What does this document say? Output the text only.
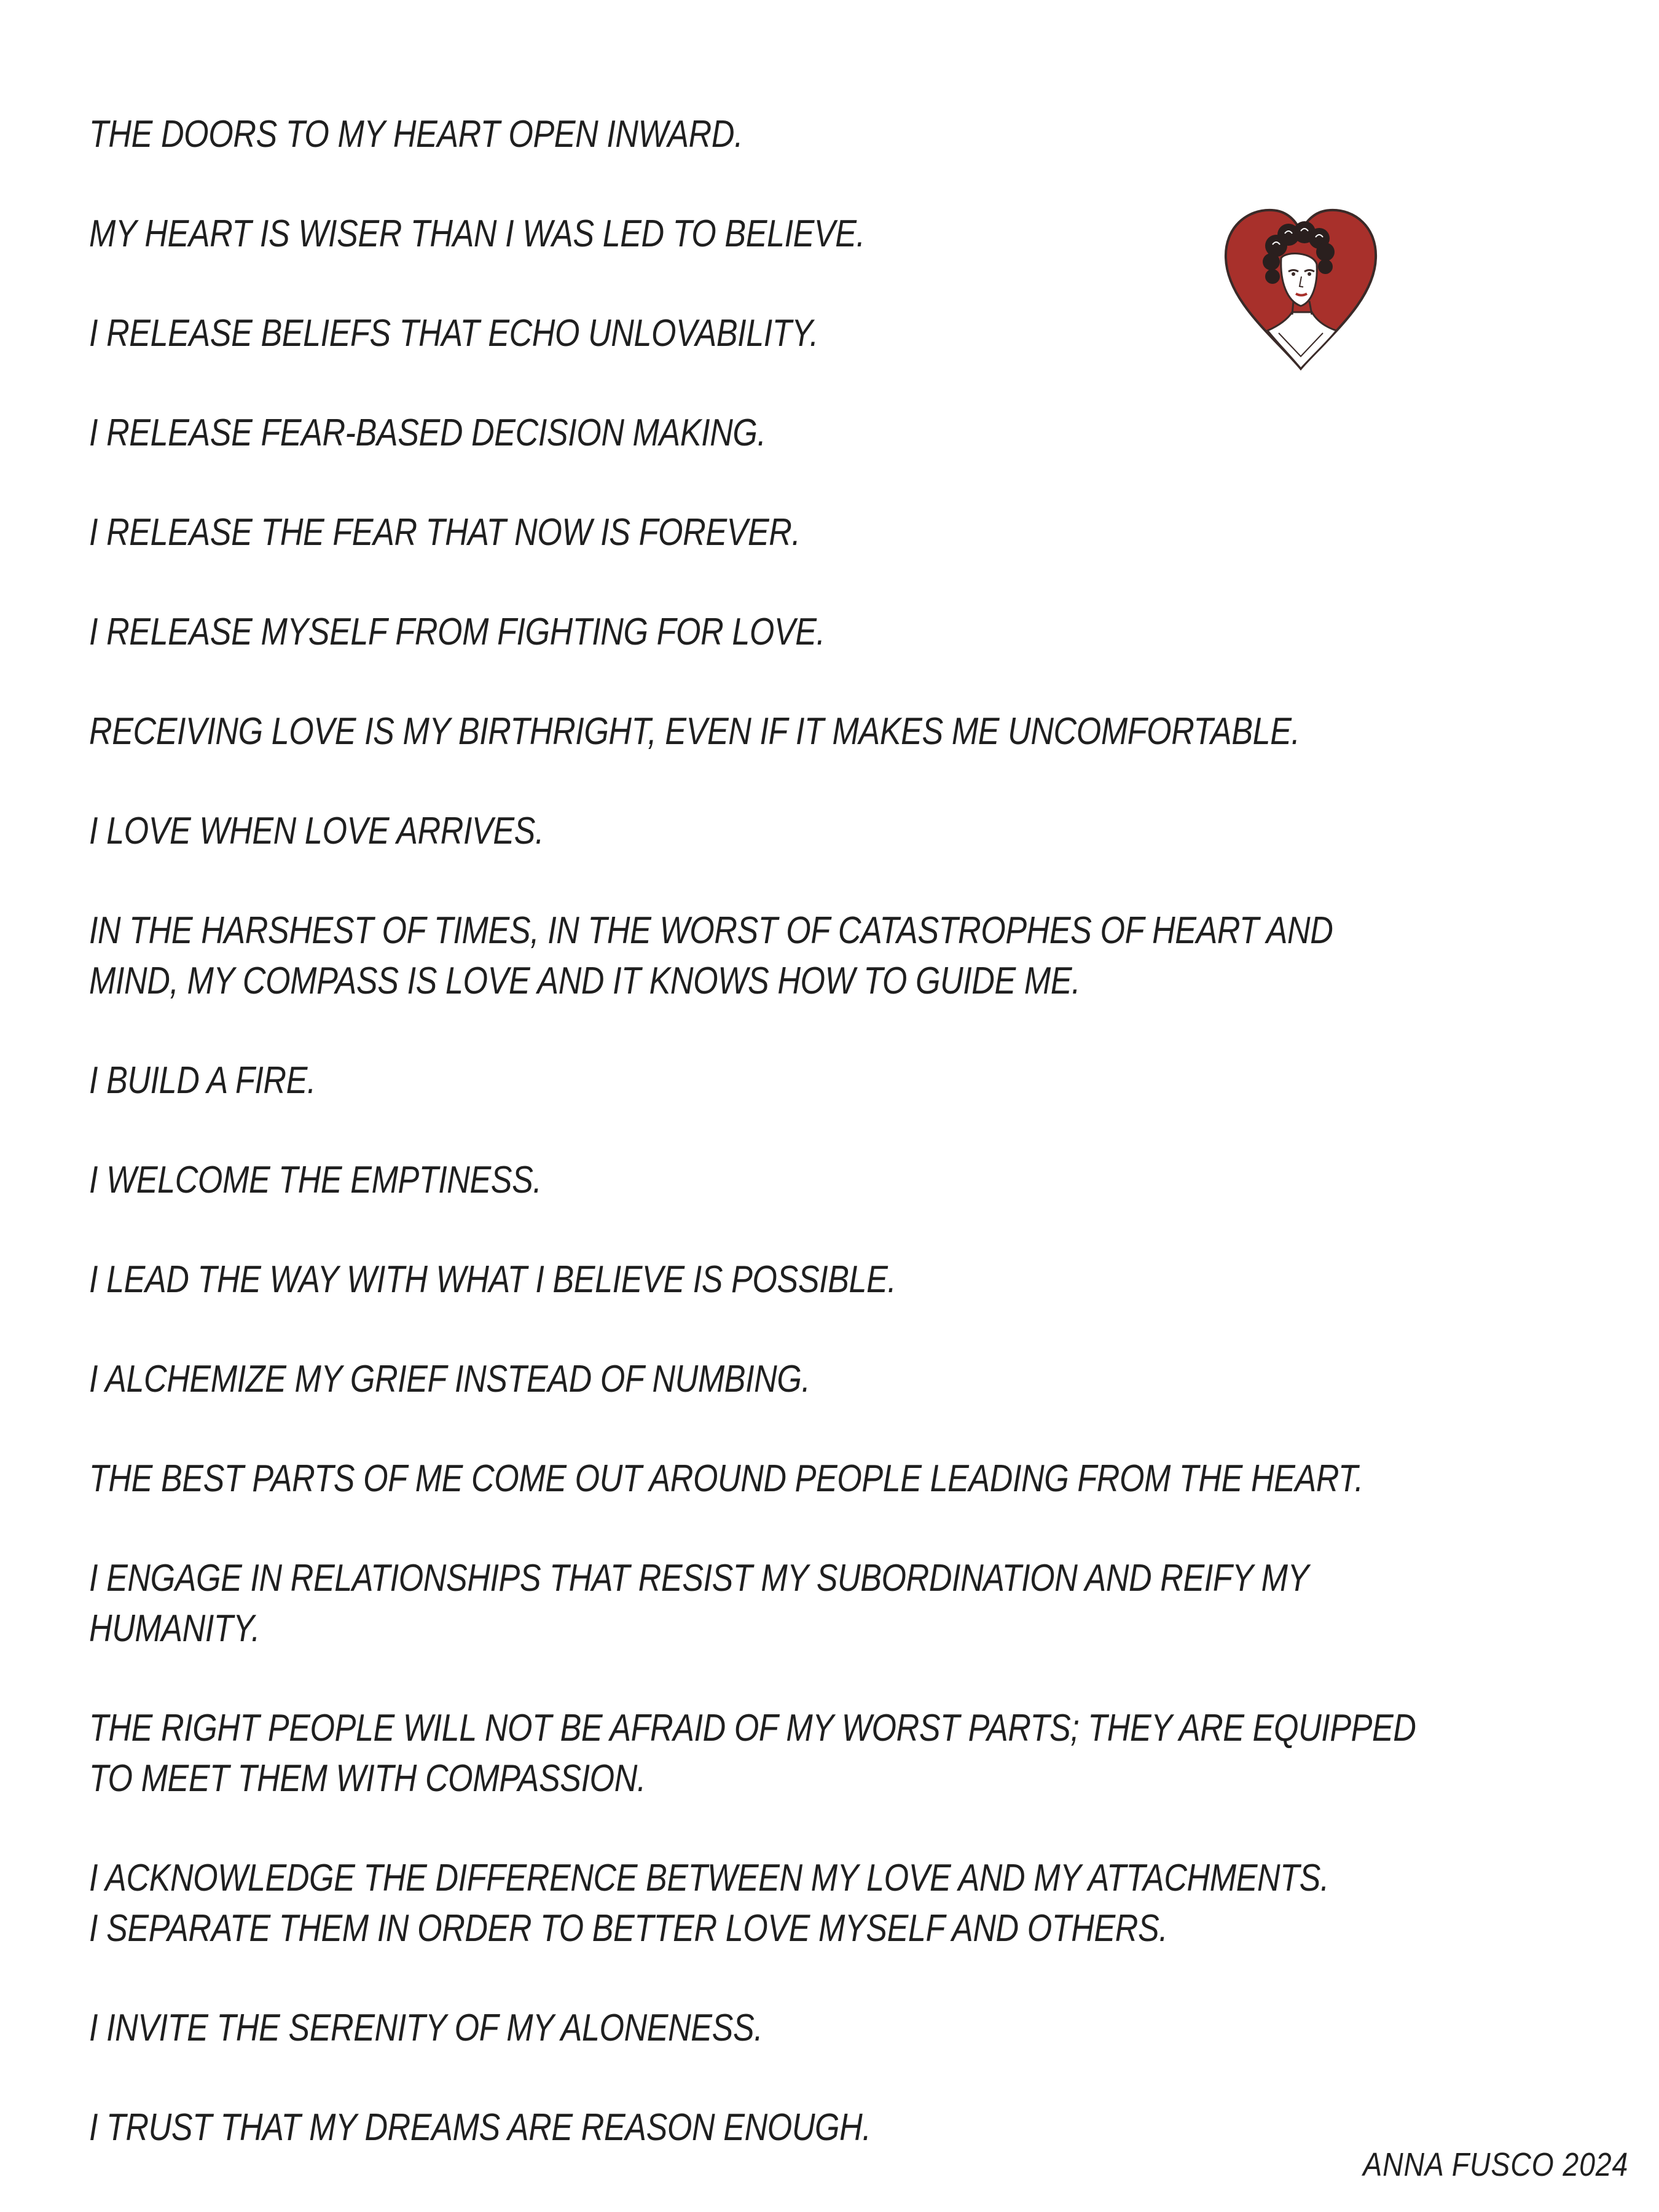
THE DOORS TO MY HEART OPEN INWARD.

MY HEART IS WISER THAN I WAS LED TO BELIEVE.

I RELEASE BELIEFS THAT ECHO UNLOVABILITY.

I RELEASE FEAR-BASED DECISION MAKING.

I RELEASE THE FEAR THAT NOW IS FOREVER.

I RELEASE MYSELF FROM FIGHTING FOR LOVE.

RECEIVING LOVE IS MY BIRTHRIGHT, EVEN IF IT MAKES ME UNCOMFORTABLE.

I LOVE WHEN LOVE ARRIVES.

IN THE HARSHEST OF TIMES, IN THE WORST OF CATASTROPHES OF HEART AND

MIND, MY COMPASS IS LOVE AND IT KNOWS HOW TO GUIDE ME.

I BUILD A FIRE.

I WELCOME THE EMPTINESS.

I LEAD THE WAY WITH WHAT I BELIEVE IS POSSIBLE.

I ALCHEMIZE MY GRIEF INSTEAD OF NUMBING.

THE BEST PARTS OF ME COME OUT AROUND PEOPLE LEADING FROM THE HEART.

I ENGAGE IN RELATIONSHIPS THAT RESIST MY SUBORDINATION AND REIFY MY

HUMANITY.

THE RIGHT PEOPLE WILL NOT BE AFRAID OF MY WORST PARTS; THEY ARE EQUIPPED

TO MEET THEM WITH COMPASSION.

I ACKNOWLEDGE THE DIFFERENCE BETWEEN MY LOVE AND MY ATTACHMENTS.

I SEPARATE THEM IN ORDER TO BETTER LOVE MYSELF AND OTHERS.

I INVITE THE SERENITY OF MY ALONENESS.

I TRUST THAT MY DREAMS ARE REASON ENOUGH.

ANNA FUSCO 2024
